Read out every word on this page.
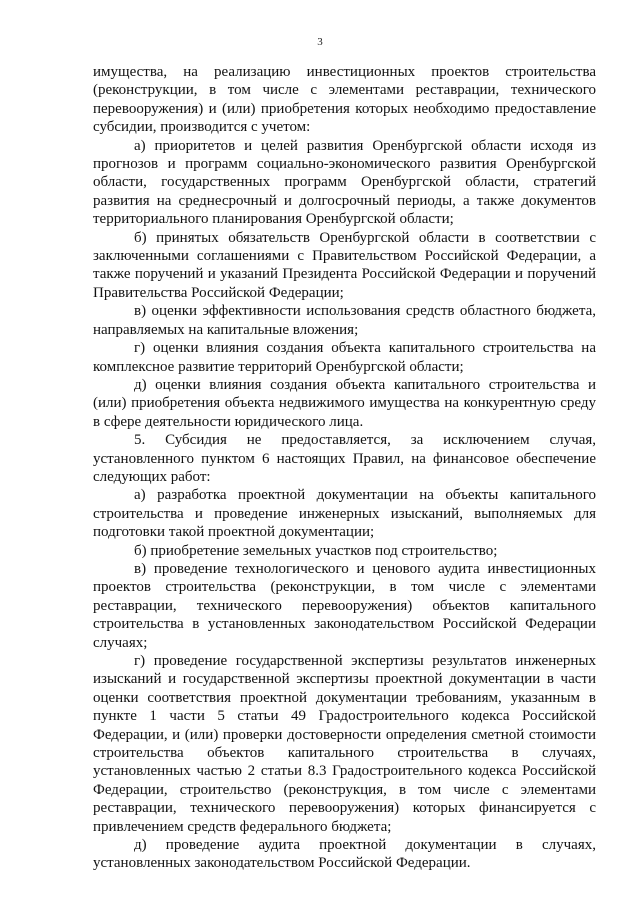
3

имущества, на реализацию инвестиционных проектов строительства (реконструкции, в том числе с элементами реставрации, технического перевооружения) и (или) приобретения которых необходимо предоставление субсидии, производится с учетом:

а) приоритетов и целей развития Оренбургской области исходя из прогнозов и программ социально-экономического развития Оренбургской области, государственных программ Оренбургской области, стратегий развития на среднесрочный и долгосрочный периоды, а также документов территориального планирования Оренбургской области;

б) принятых обязательств Оренбургской области в соответствии с заключенными соглашениями с Правительством Российской Федерации, а также поручений и указаний Президента Российской Федерации и поручений Правительства Российской Федерации;

в) оценки эффективности использования средств областного бюджета, направляемых на капитальные вложения;

г) оценки влияния создания объекта капитального строительства на комплексное развитие территорий Оренбургской области;

д) оценки влияния создания объекта капитального строительства и (или) приобретения объекта недвижимого имущества на конкурентную среду в сфере деятельности юридического лица.

5. Субсидия не предоставляется, за исключением случая, установленного пунктом 6 настоящих Правил, на финансовое обеспечение следующих работ:

а) разработка проектной документации на объекты капитального строительства и проведение инженерных изысканий, выполняемых для подготовки такой проектной документации;

б) приобретение земельных участков под строительство;

в) проведение технологического и ценового аудита инвестиционных проектов строительства (реконструкции, в том числе с элементами реставрации, технического перевооружения) объектов капитального строительства в установленных законодательством Российской Федерации случаях;

г) проведение государственной экспертизы результатов инженерных изысканий и государственной экспертизы проектной документации в части оценки соответствия проектной документации требованиям, указанным в пункте 1 части 5 статьи 49 Градостроительного кодекса Российской Федерации, и (или) проверки достоверности определения сметной стоимости строительства объектов капитального строительства в случаях, установленных частью 2 статьи 8.3 Градостроительного кодекса Российской Федерации, строительство (реконструкция, в том числе с элементами реставрации, технического перевооружения) которых финансируется с привлечением средств федерального бюджета;

д) проведение аудита проектной документации в случаях, установленных законодательством Российской Федерации.
